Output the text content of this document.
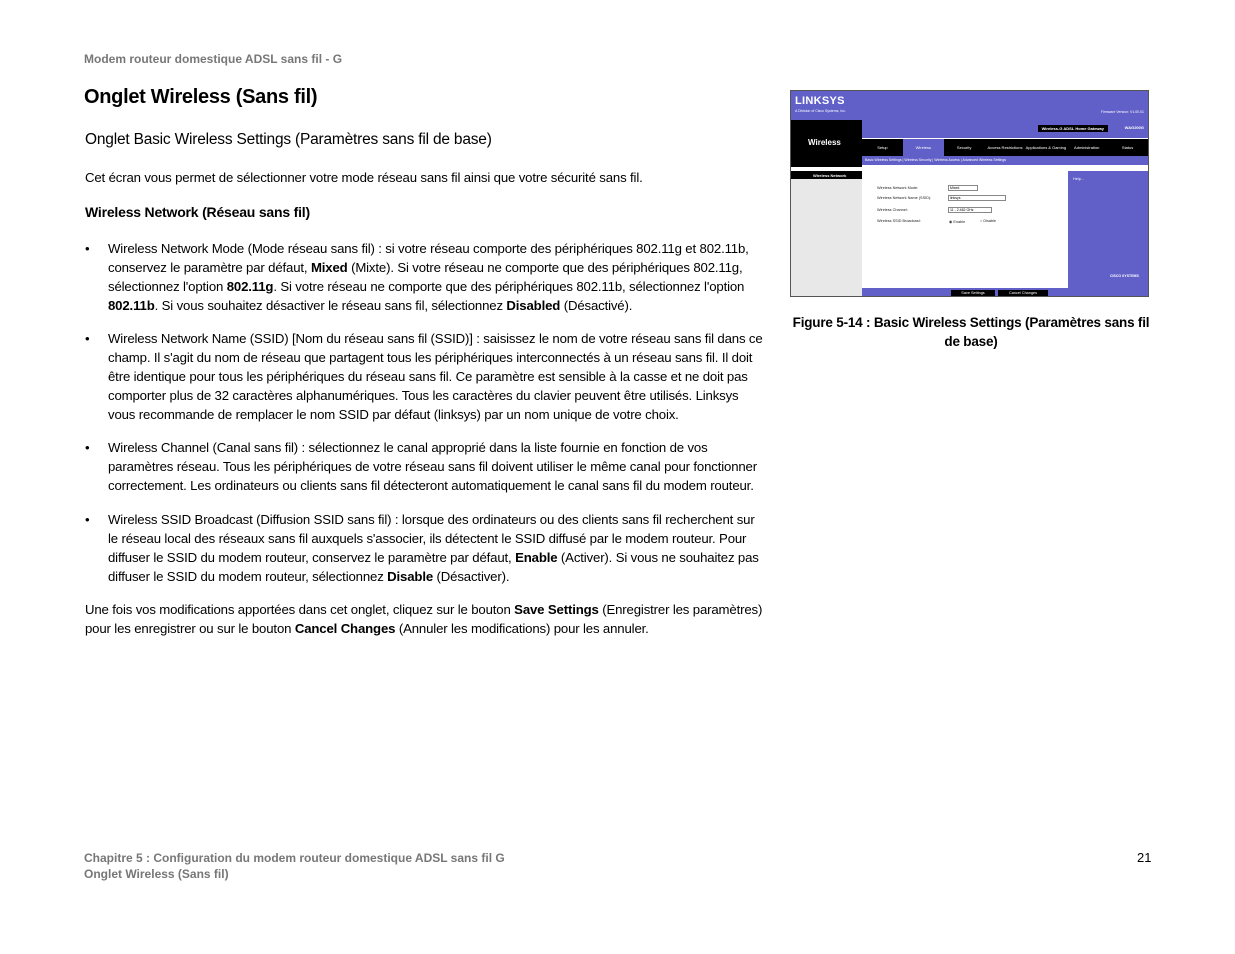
Modem routeur domestique ADSL sans fil - G
Onglet Wireless (Sans fil)
Onglet Basic Wireless Settings (Paramètres sans fil de base)
Cet écran vous permet de sélectionner votre mode réseau sans fil ainsi que votre sécurité sans fil.
Wireless Network (Réseau sans fil)
•	Wireless Network Mode (Mode réseau sans fil) : si votre réseau comporte des périphériques 802.11g et 802.11b, conservez le paramètre par défaut, Mixed (Mixte). Si votre réseau ne comporte que des périphériques 802.11g, sélectionnez l'option 802.11g. Si votre réseau ne comporte que des périphériques 802.11b, sélectionnez l'option 802.11b. Si vous souhaitez désactiver le réseau sans fil, sélectionnez Disabled (Désactivé).
•	Wireless Network Name (SSID) [Nom du réseau sans fil (SSID)] : saisissez le nom de votre réseau sans fil dans ce champ. Il s'agit du nom de réseau que partagent tous les périphériques interconnectés à un réseau sans fil. Il doit être identique pour tous les périphériques du réseau sans fil. Ce paramètre est sensible à la casse et ne doit pas comporter plus de 32 caractères alphanumériques. Tous les caractères du clavier peuvent être utilisés. Linksys vous recommande de remplacer le nom SSID par défaut (linksys) par un nom unique de votre choix.
•	Wireless Channel (Canal sans fil) : sélectionnez le canal approprié dans la liste fournie en fonction de vos paramètres réseau. Tous les périphériques de votre réseau sans fil doivent utiliser le même canal pour fonctionner correctement. Les ordinateurs ou clients sans fil détecteront automatiquement le canal sans fil du modem routeur.
•	Wireless SSID Broadcast (Diffusion SSID sans fil) : lorsque des ordinateurs ou des clients sans fil recherchent sur le réseau local des réseaux sans fil auxquels s'associer, ils détectent le SSID diffusé par le modem routeur. Pour diffuser le SSID du modem routeur, conservez le paramètre par défaut, Enable (Activer). Si vous ne souhaitez pas diffuser le SSID du modem routeur, sélectionnez Disable (Désactiver).
Une fois vos modifications apportées dans cet onglet, cliquez sur le bouton Save Settings (Enregistrer les paramètres) pour les enregistrer ou sur le bouton Cancel Changes (Annuler les modifications) pour les annuler.
LINKSYS
A Division of Cisco Systems, Inc.	Firmware Version: V1.00.01
Wireless
Wireless-G ADSL Home Gateway	WAG200G
Setup	Wireless	Security	Access Restrictions Applications & Gaming	Administration	Status
Basic Wireless Settings | Wireless Security | Wireless Access | Advanced Wireless Settings
Wireless Network
Wireless Network Mode:	Mixed
Wireless Network Name (SSID):	linksys
Wireless Channel:	11 - 2.462 GHz
Wireless SSID Broadcast:	◉ Enable	○ Disable
Help...
CISCO SYSTEMS
Save Settings	Cancel Changes
Figure 5-14 : Basic Wireless Settings (Paramètres sans fil de base)
Chapitre 5 : Configuration du modem routeur domestique ADSL sans fil G
Onglet Wireless (Sans fil)
21
